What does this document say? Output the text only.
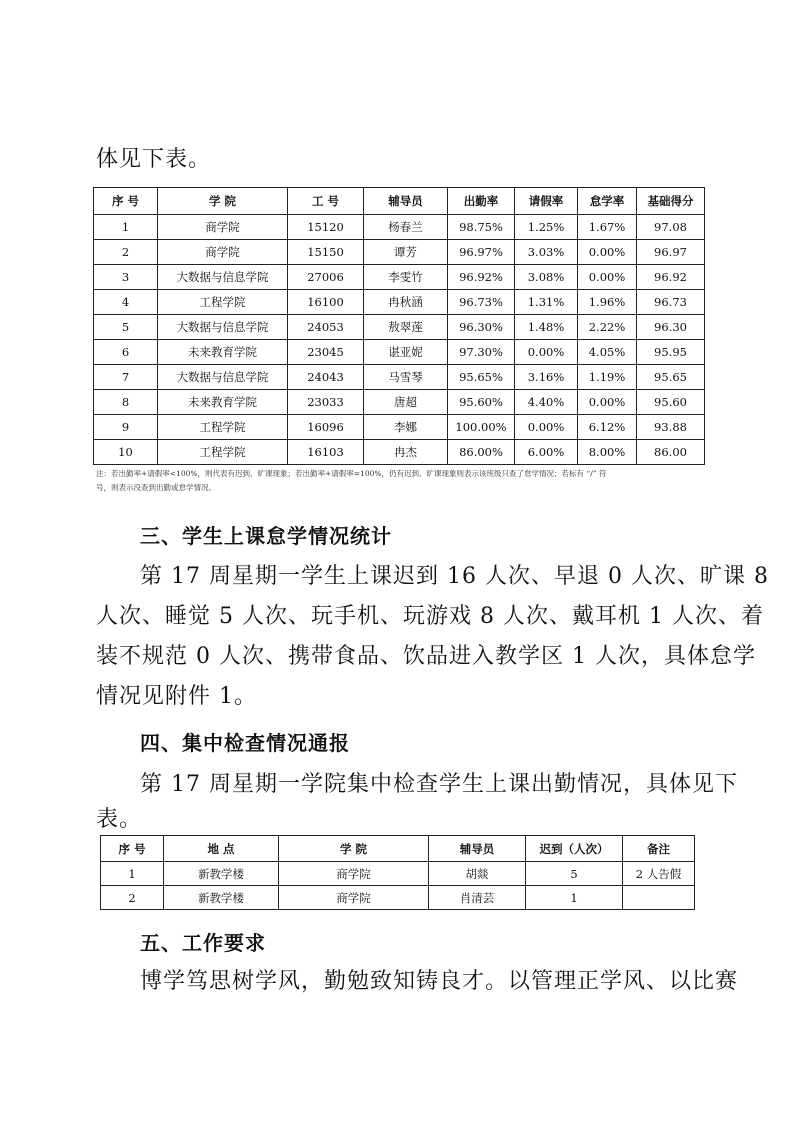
体见下表。
序 号	学 院	工 号	辅导员	出勤率	请假率	怠学率	基础得分
1	商学院	15120	杨春兰	98.75%	1.25%	1.67%	97.08
2	商学院	15150	谭芳	96.97%	3.03%	0.00%	96.97
3	大数据与信息学院	27006	李雯竹	96.92%	3.08%	0.00%	96.92
4	工程学院	16100	冉秋涵	96.73%	1.31%	1.96%	96.73
5	大数据与信息学院	24053	敖翠莲	96.30%	1.48%	2.22%	96.30
6	未来教育学院	23045	谌亚妮	97.30%	0.00%	4.05%	95.95
7	大数据与信息学院	24043	马雪琴	95.65%	3.16%	1.19%	95.65
8	未来教育学院	23033	唐超	95.60%	4.40%	0.00%	95.60
9	工程学院	16096	李娜	100.00%	0.00%	6.12%	93.88
10	工程学院	16103	冉杰	86.00%	6.00%	8.00%	86.00
注：若出勤率+请假率<100%，则代表有迟到、旷课现象；若出勤率+请假率=100%，仍有迟到、旷课现象则表示该班级只查了怠学情况；若标有 “/” 符
号，则表示没查到出勤或怠学情况。
三、学生上课怠学情况统计
第 17 周星期一学生上课迟到 16 人次、早退 0 人次、旷课 8
人次、睡觉 5 人次、玩手机、玩游戏 8 人次、戴耳机 1 人次、着
装不规范 0 人次、携带食品、饮品进入教学区 1 人次，具体怠学
情况见附件 1。
四、集中检查情况通报
第 17 周星期一学院集中检查学生上课出勤情况，具体见下
表。
序 号	地 点	学 院	辅导员	迟到（人次）	备注
1	新教学楼	商学院	胡燚	5	2 人告假
2	新教学楼	商学院	肖清芸	1	
五、工作要求
博学笃思树学风，勤勉致知铸良才。以管理正学风、以比赛
